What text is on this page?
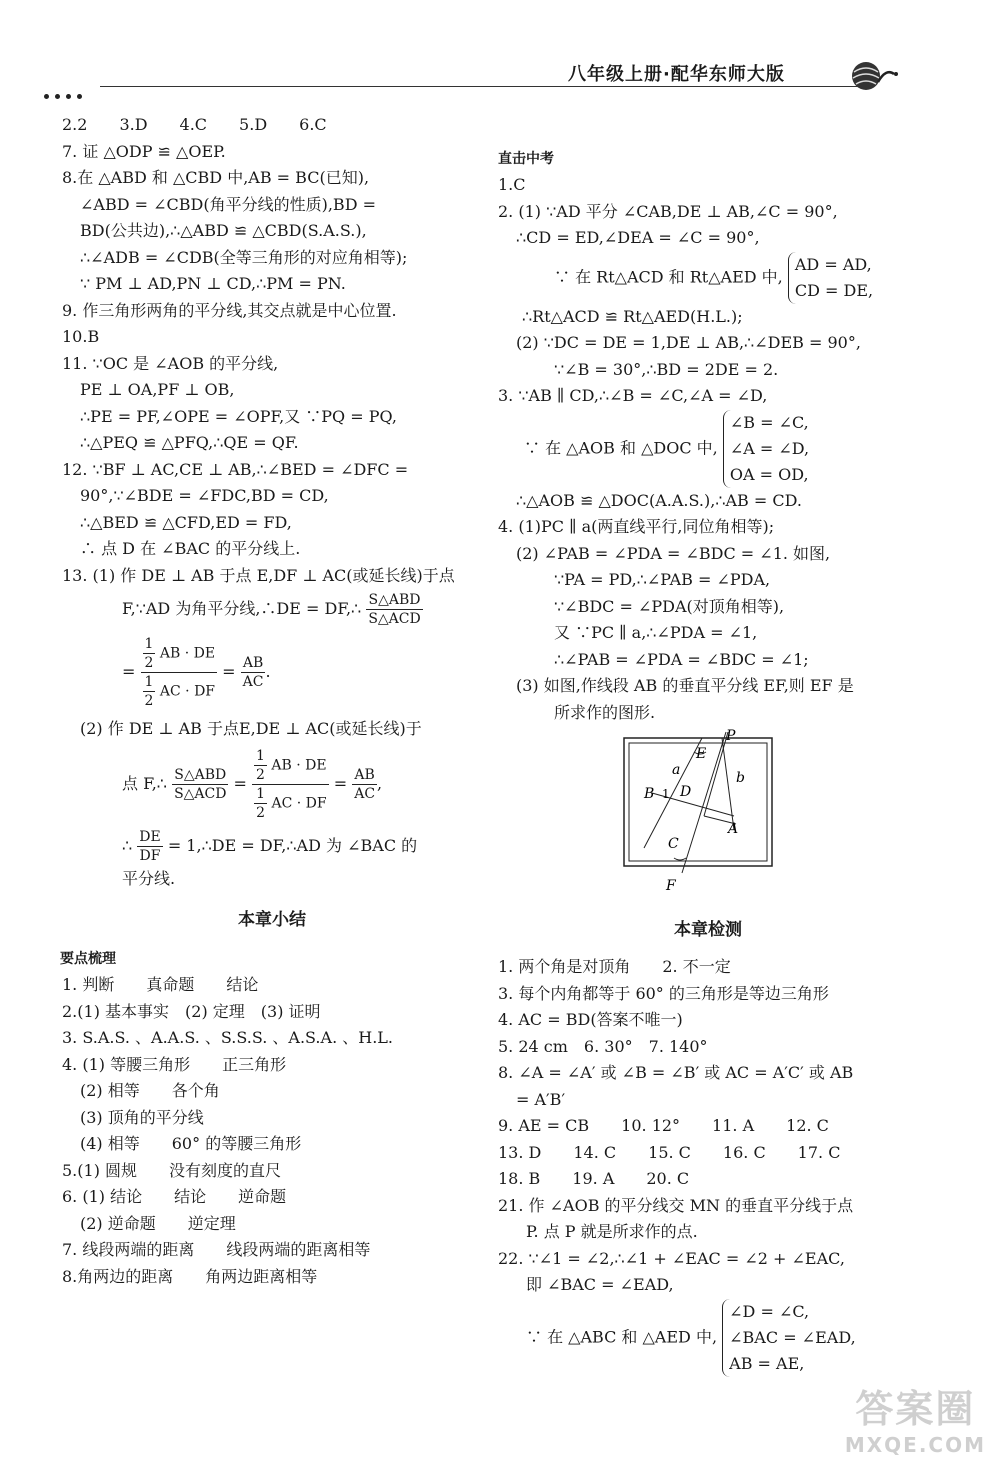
八年级上册·配华东师大版
2.2　　3.D　　4.C　　5.D　　6.C
7. 证 △ODP ≌ △OEP.
8.在 △ABD 和 △CBD 中,AB = BC(已知),
∠ABD = ∠CBD(角平分线的性质),BD =
BD(公共边),∴△ABD ≌ △CBD(S.A.S.),
∴∠ADB = ∠CDB(全等三角形的对应角相等);
∵ PM ⊥ AD,PN ⊥ CD,∴PM = PN.
9. 作三角形两角的平分线,其交点就是中心位置.
10.B
11. ∵OC 是 ∠AOB 的平分线,
PE ⊥ OA,PF ⊥ OB,
∴PE = PF,∠OPE = ∠OPF,又 ∵PQ = PQ,
∴△PEQ ≌ △PFQ,∴QE = QF.
12. ∵BF ⊥ AC,CE ⊥ AB,∴∠BED = ∠DFC =
90°,∵∠BDE = ∠FDC,BD = CD,
∴△BED ≌ △CFD,ED = FD,
∴ 点 D 在 ∠BAC 的平分线上.
13. (1) 作 DE ⊥ AB 于点 E,DF ⊥ AC(或延长线)于点
F,∵AD 为角平分线,∴DE = DF,∴ $\frac{\text{S△ABD}}{\text{S△ACD}}$
= $\frac{\frac{1}{2} AB \cdot DE}{\frac{1}{2} AC \cdot DF} = \frac{AB}{AC}$ .
(2) 作 DE ⊥ AB 于点E,DE ⊥ AC(或延长线)于
点 F,∴ $\frac{\text{S△ABD}}{\text{S△ACD}} = \frac{\frac{1}{2} AB \cdot DE}{\frac{1}{2} AC \cdot DF} = \frac{AB}{AC}$ ,
∴ $\frac{DE}{DF}$ = 1,∴DE = DF,∴AD 为 ∠BAC 的
平分线.
本章小结
要点梳理
1. 判断　　真命题　　结论
2.(1) 基本事实　(2) 定理　(3) 证明
3. S.A.S. 、A.A.S. 、S.S.S. 、A.S.A. 、H.L.
4. (1) 等腰三角形　　正三角形
(2) 相等　　各个角
(3) 顶角的平分线
(4) 相等　　60° 的等腰三角形
5.(1) 圆规　　没有刻度的直尺
6. (1) 结论　　结论　　逆命题
(2) 逆命题　　逆定理
7. 线段两端的距离　　线段两端的距离相等
8.角两边的距离　　角两边距离相等
直击中考
1.C
2. (1) ∵AD 平分 ∠CAB,DE ⊥ AB,∠C = 90°,
∴CD = ED,∠DEA = ∠C = 90°,
∵ 在 Rt△ACD 和 Rt△AED 中,
AD = AD,
CD = DE,
∴Rt△ACD ≌ Rt△AED(H.L.);
(2) ∵DC = DE = 1,DE ⊥ AB,∴∠DEB = 90°,
∵∠B = 30°,∴BD = 2DE = 2.
3. ∵AB ∥ CD,∴∠B = ∠C,∠A = ∠D,
∵ 在 △AOB 和 △DOC 中,
∠B = ∠C,
∠A = ∠D,
OA = OD,
∴△AOB ≌ △DOC(A.A.S.),∴AB = CD.
4. (1)PC ∥ a(两直线平行,同位角相等);
(2) ∠PAB = ∠PDA = ∠BDC = ∠1. 如图,
∵PA = PD,∴∠PAB = ∠PDA,
∵∠BDC = ∠PDA(对顶角相等),
又 ∵PC ∥ a,∴∠PDA = ∠1,
∴∠PAB = ∠PDA = ∠BDC = ∠1;
(3) 如图,作线段 AB 的垂直平分线 EF,则 EF 是
所求作的图形.
P
E
a	b
B 1 D
A
C
F
本章检测
1. 两个角是对顶角　　2. 不一定
3. 每个内角都等于 60° 的三角形是等边三角形
4. AC = BD(答案不唯一)
5. 24 cm　6. 30°　7. 140°
8. ∠A = ∠A′ 或 ∠B = ∠B′ 或 AC = A′C′ 或 AB
= A′B′
9. AE = CB　　10. 12°　　11. A　　12. C
13. D　　14. C　　15. C　　16. C　　17. C
18. B　　19. A　　20. C
21. 作 ∠AOB 的平分线交 MN 的垂直平分线于点
P. 点 P 就是所求作的点.
22. ∵∠1 = ∠2,∴∠1 + ∠EAC = ∠2 + ∠EAC,
即 ∠BAC = ∠EAD,
∵ 在 △ABC 和 △AED 中,
∠D = ∠C,
∠BAC = ∠EAD,
AB = AE,
答案圈
MXQE.COM
